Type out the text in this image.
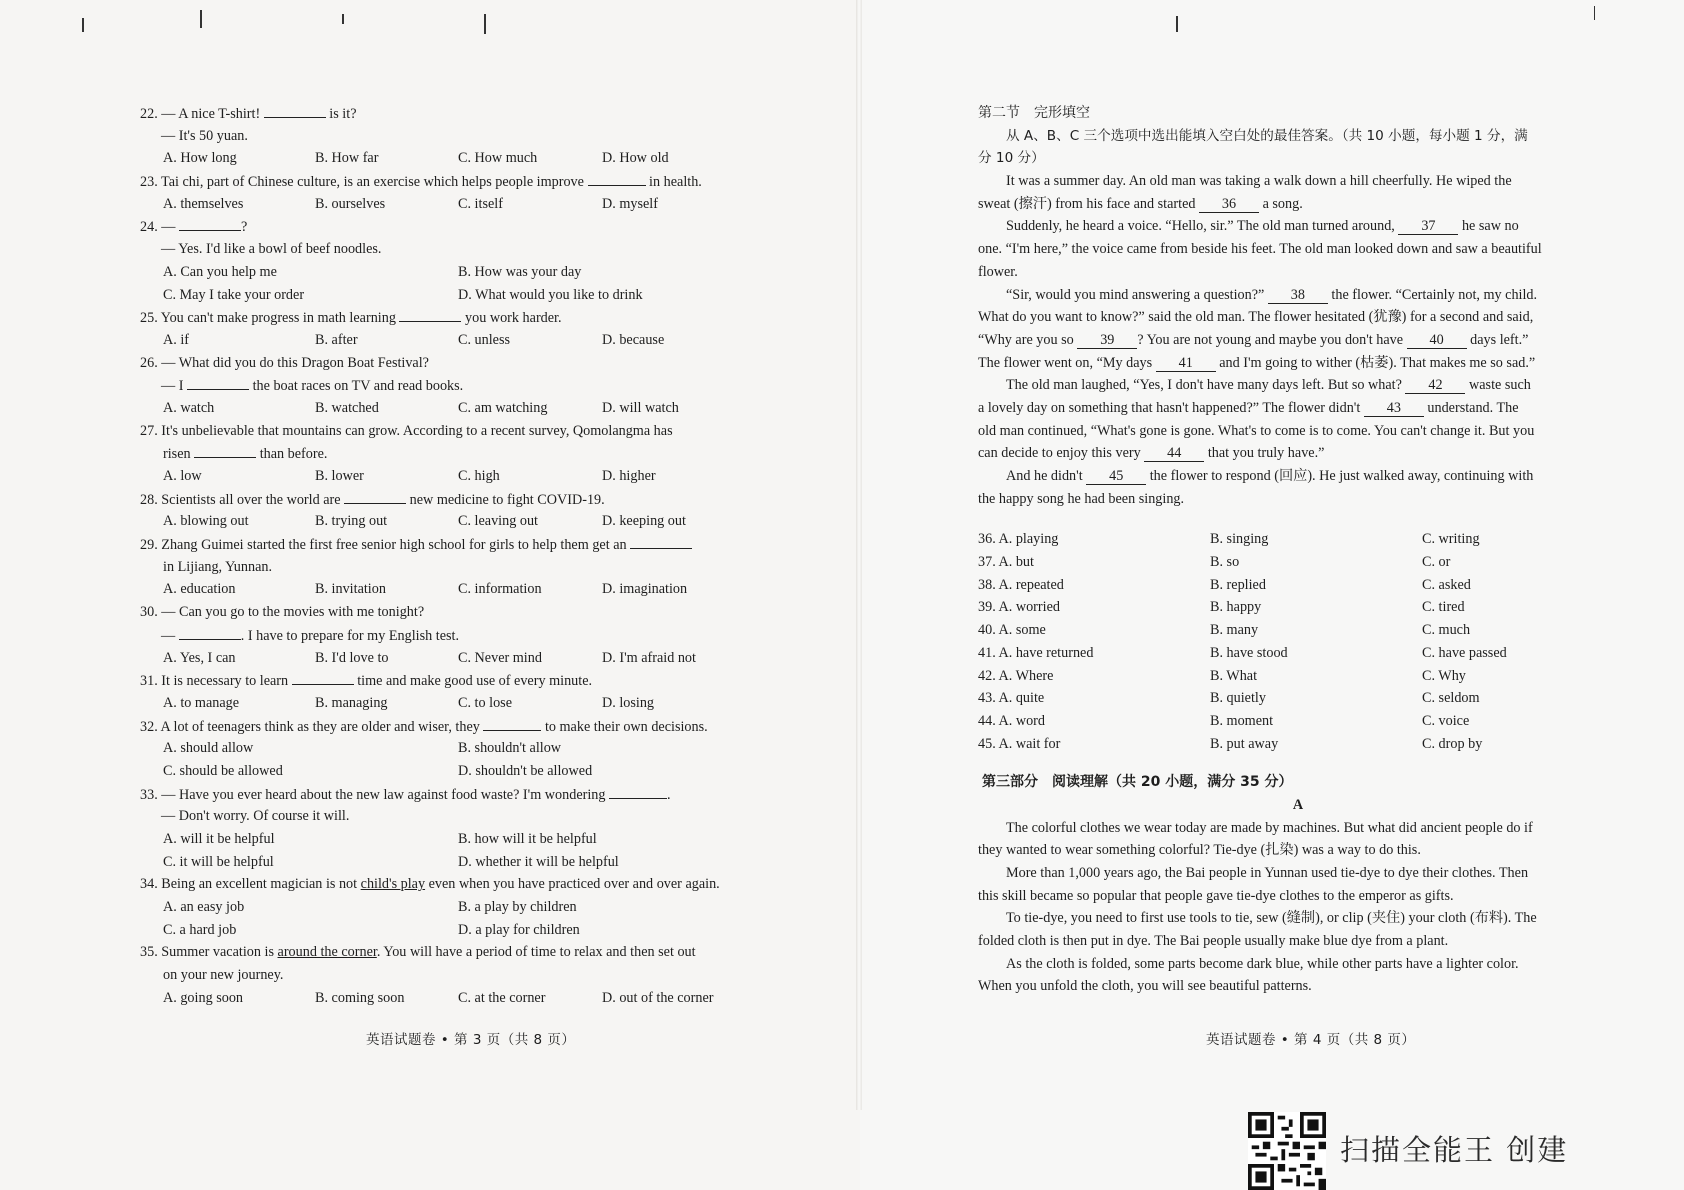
22. — A nice T-shirt!	is it?
— It's 50 yuan.
A. How long	B. How far	C. How much	D. How old
23. Tai chi, part of Chinese culture, is an exercise which helps people improve	in health.
A. themselves	B. ourselves	C. itself	D. myself
24. —	?
— Yes. I'd like a bowl of beef noodles.
A. Can you help me	B. How was your day
C. May I take your order	D. What would you like to drink
25. You can't make progress in math learning	you work harder.
A. if	B. after	C. unless	D. because
26. — What did you do this Dragon Boat Festival?
— I	the boat races on TV and read books.
A. watch	B. watched	C. am watching	D. will watch
27. It's unbelievable that mountains can grow. According to a recent survey, Qomolangma has
risen	than before.
A. low	B. lower	C. high	D. higher
28. Scientists all over the world are	new medicine to fight COVID-19.
A. blowing out	B. trying out	C. leaving out	D. keeping out
29. Zhang Guimei started the first free senior high school for girls to help them get an
in Lijiang, Yunnan.
A. education	B. invitation	C. information	D. imagination
30. — Can you go to the movies with me tonight?
—	. I have to prepare for my English test.
A. Yes, I can	B. I'd love to	C. Never mind	D. I'm afraid not
31. It is necessary to learn	time and make good use of every minute.
A. to manage	B. managing	C. to lose	D. losing
32. A lot of teenagers think as they are older and wiser, they	to make their own decisions.
A. should allow	B. shouldn't allow
C. should be allowed	D. shouldn't be allowed
33. — Have you ever heard about the new law against food waste? I'm wondering	.
— Don't worry. Of course it will.
A. will it be helpful	B. how will it be helpful
C. it will be helpful	D. whether it will be helpful
34. Being an excellent magician is not child's play even when you have practiced over and over again.
A. an easy job	B. a play by children
C. a hard job	D. a play for children
35. Summer vacation is around the corner. You will have a period of time to relax and then set out
on your new journey.
A. going soon	B. coming soon	C. at the corner	D. out of the corner
英语试题卷 • 第 3 页（共 8 页）
第二节　完形填空
从 A、B、C 三个选项中选出能填入空白处的最佳答案。（共 10 小题，每小题 1 分，满
分 10 分）
It was a summer day. An old man was taking a walk down a hill cheerfully. He wiped the
sweat (擦汗) from his face and started 36 a song.
Suddenly, he heard a voice. “Hello, sir.” The old man turned around, 37 he saw no
one. “I'm here,” the voice came from beside his feet. The old man looked down and saw a beautiful
flower.
“Sir, would you mind answering a question?” 38 the flower. “Certainly not, my child.
What do you want to know?” said the old man. The flower hesitated (犹豫) for a second and said,
“Why are you so 39 ? You are not young and maybe you don't have 40 days left.”
The flower went on, “My days 41 and I'm going to wither (枯萎). That makes me so sad.”
The old man laughed, “Yes, I don't have many days left. But so what? 42 waste such
a lovely day on something that hasn't happened?” The flower didn't 43 understand. The
old man continued, “What's gone is gone. What's to come is to come. You can't change it. But you
can decide to enjoy this very 44 that you truly have.”
And he didn't 45 the flower to respond (回应). He just walked away, continuing with
the happy song he had been singing.
36. A. playing	B. singing	C. writing
37. A. but	B. so	C. or
38. A. repeated	B. replied	C. asked
39. A. worried	B. happy	C. tired
40. A. some	B. many	C. much
41. A. have returned	B. have stood	C. have passed
42. A. Where	B. What	C. Why
43. A. quite	B. quietly	C. seldom
44. A. word	B. moment	C. voice
45. A. wait for	B. put away	C. drop by
第三部分　阅读理解（共 20 小题，满分 35 分）
A
The colorful clothes we wear today are made by machines. But what did ancient people do if
they wanted to wear something colorful? Tie-dye (扎染) was a way to do this.
More than 1,000 years ago, the Bai people in Yunnan used tie-dye to dye their clothes. Then
this skill became so popular that people gave tie-dye clothes to the emperor as gifts.
To tie-dye, you need to first use tools to tie, sew (缝制), or clip (夹住) your cloth (布料). The
folded cloth is then put in dye. The Bai people usually make blue dye from a plant.
As the cloth is folded, some parts become dark blue, while other parts have a lighter color.
When you unfold the cloth, you will see beautiful patterns.
英语试题卷 • 第 4 页（共 8 页）
扫描全能王 创建
